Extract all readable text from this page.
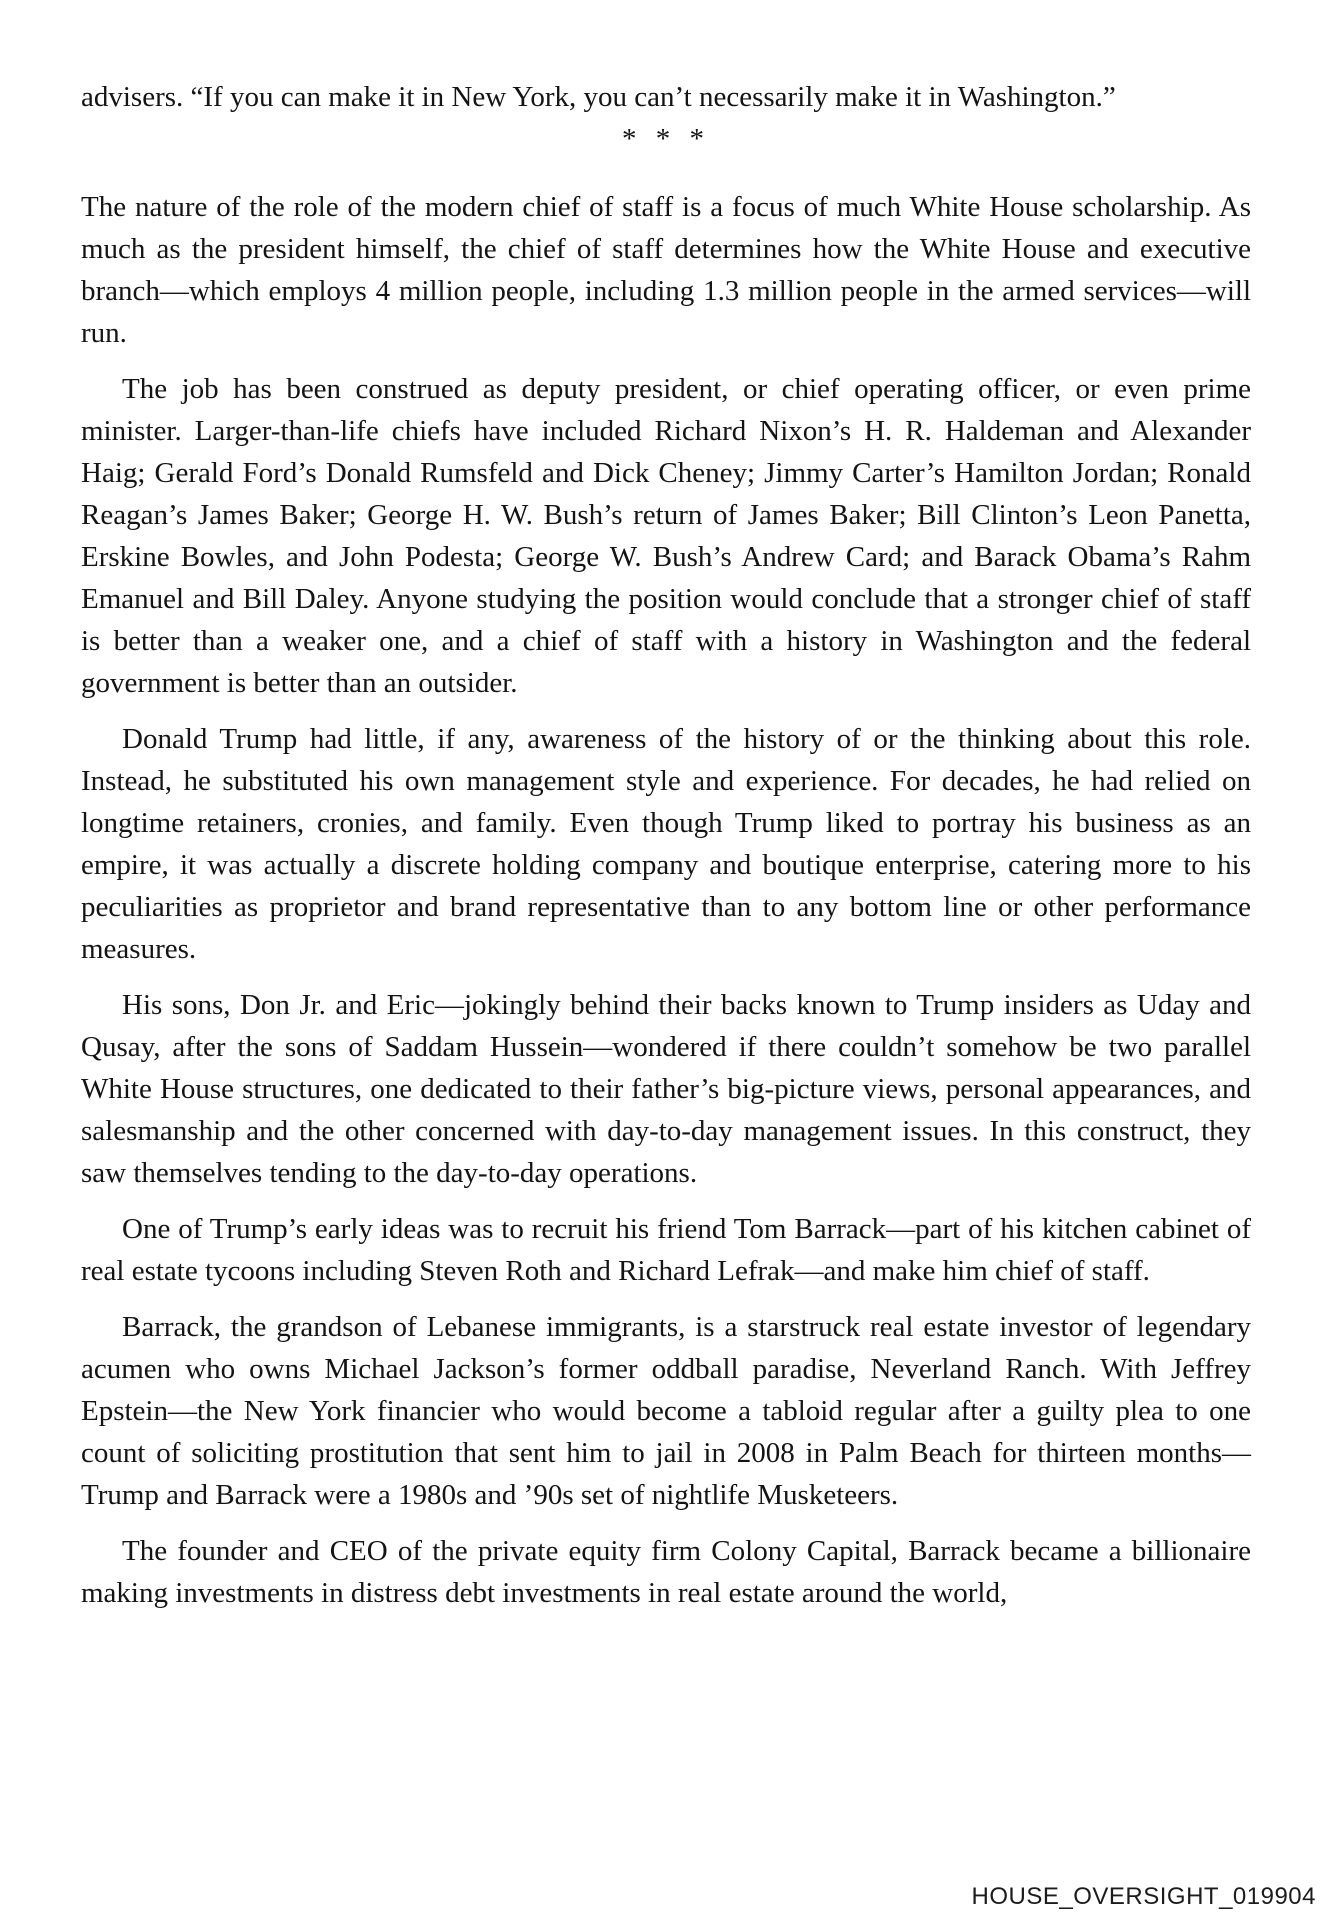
advisers. “If you can make it in New York, you can’t necessarily make it in Washington.”

* * *

The nature of the role of the modern chief of staff is a focus of much White House scholarship. As much as the president himself, the chief of staff determines how the White House and executive branch—which employs 4 million people, including 1.3 million people in the armed services—will run.

The job has been construed as deputy president, or chief operating officer, or even prime minister. Larger-than-life chiefs have included Richard Nixon’s H. R. Haldeman and Alexander Haig; Gerald Ford’s Donald Rumsfeld and Dick Cheney; Jimmy Carter’s Hamilton Jordan; Ronald Reagan’s James Baker; George H. W. Bush’s return of James Baker; Bill Clinton’s Leon Panetta, Erskine Bowles, and John Podesta; George W. Bush’s Andrew Card; and Barack Obama’s Rahm Emanuel and Bill Daley. Anyone studying the position would conclude that a stronger chief of staff is better than a weaker one, and a chief of staff with a history in Washington and the federal government is better than an outsider.

Donald Trump had little, if any, awareness of the history of or the thinking about this role. Instead, he substituted his own management style and experience. For decades, he had relied on longtime retainers, cronies, and family. Even though Trump liked to portray his business as an empire, it was actually a discrete holding company and boutique enterprise, catering more to his peculiarities as proprietor and brand representative than to any bottom line or other performance measures.

His sons, Don Jr. and Eric—jokingly behind their backs known to Trump insiders as Uday and Qusay, after the sons of Saddam Hussein—wondered if there couldn’t somehow be two parallel White House structures, one dedicated to their father’s big-picture views, personal appearances, and salesmanship and the other concerned with day-to-day management issues. In this construct, they saw themselves tending to the day-to-day operations.

One of Trump’s early ideas was to recruit his friend Tom Barrack—part of his kitchen cabinet of real estate tycoons including Steven Roth and Richard Lefrak—and make him chief of staff.

Barrack, the grandson of Lebanese immigrants, is a starstruck real estate investor of legendary acumen who owns Michael Jackson’s former oddball paradise, Neverland Ranch. With Jeffrey Epstein—the New York financier who would become a tabloid regular after a guilty plea to one count of soliciting prostitution that sent him to jail in 2008 in Palm Beach for thirteen months—Trump and Barrack were a 1980s and ’90s set of nightlife Musketeers.

The founder and CEO of the private equity firm Colony Capital, Barrack became a billionaire making investments in distress debt investments in real estate around the world,

HOUSE_OVERSIGHT_019904
